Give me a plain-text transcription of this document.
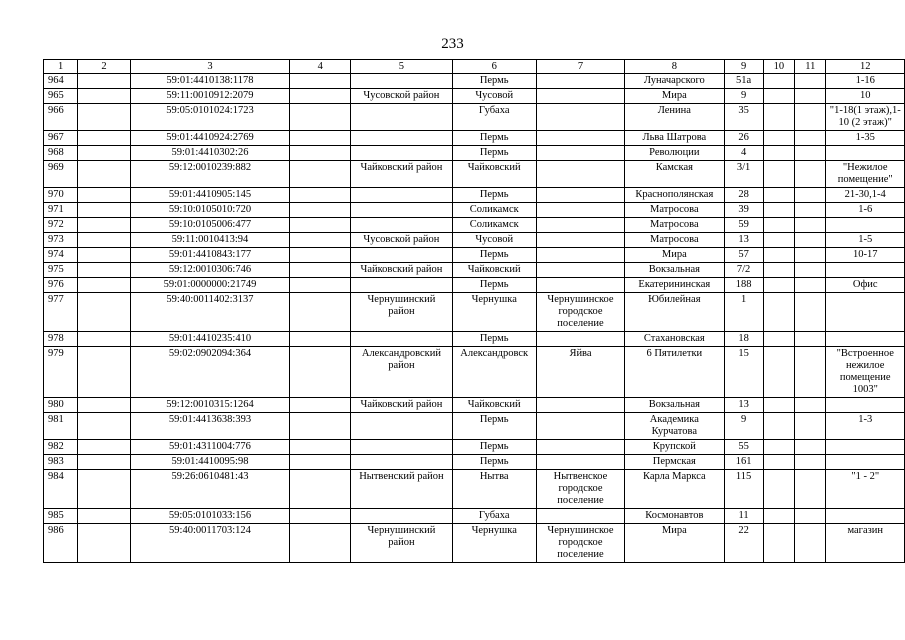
233
1	2	3	4	5	6	7	8	9	10	11	12
964		59:01:4410138:1178			Пермь		Луначарского	51а			1-16
965		59:11:0010912:2079		Чусовской район	Чусовой		Мира	9			10
966		59:05:0101024:1723			Губаха		Ленина	35			"1-18(1 этаж),1-10 (2 этаж)"
967		59:01:4410924:2769			Пермь		Льва Шатрова	26			1-35
968		59:01:4410302:26			Пермь		Революции	4			
969		59:12:0010239:882		Чайковский район	Чайковский		Камская	3/1			"Нежилое помещение"
970		59:01:4410905:145			Пермь		Краснополянская	28			21-30,1-4
971		59:10:0105010:720			Соликамск		Матросова	39			1-6
972		59:10:0105006:477			Соликамск		Матросова	59			
973		59:11:0010413:94		Чусовской район	Чусовой		Матросова	13			1-5
974		59:01:4410843:177			Пермь		Мира	57			10-17
975		59:12:0010306:746		Чайковский район	Чайковский		Вокзальная	7/2			
976		59:01:0000000:21749			Пермь		Екатерининская	188			Офис
977		59:40:0011402:3137		Чернушинский район	Чернушка	Чернушинское городское поселение	Юбилейная	1			
978		59:01:4410235:410			Пермь		Стахановская	18			
979		59:02:0902094:364		Александровский район	Александровск	Яйва	6 Пятилетки	15			"Встроенное нежилое помещение 1003"
980		59:12:0010315:1264		Чайковский район	Чайковский		Вокзальная	13			
981		59:01:4413638:393			Пермь		Академика Курчатова	9			1-3
982		59:01:4311004:776			Пермь		Крупской	55			
983		59:01:4410095:98			Пермь		Пермская	161			
984		59:26:0610481:43		Нытвенский район	Нытва	Нытвенское городское поселение	Карла Маркса	115			"1 - 2"
985		59:05:0101033:156			Губаха		Космонавтов	11			
986		59:40:0011703:124		Чернушинский район	Чернушка	Чернушинское городское поселение	Мира	22			магазин
